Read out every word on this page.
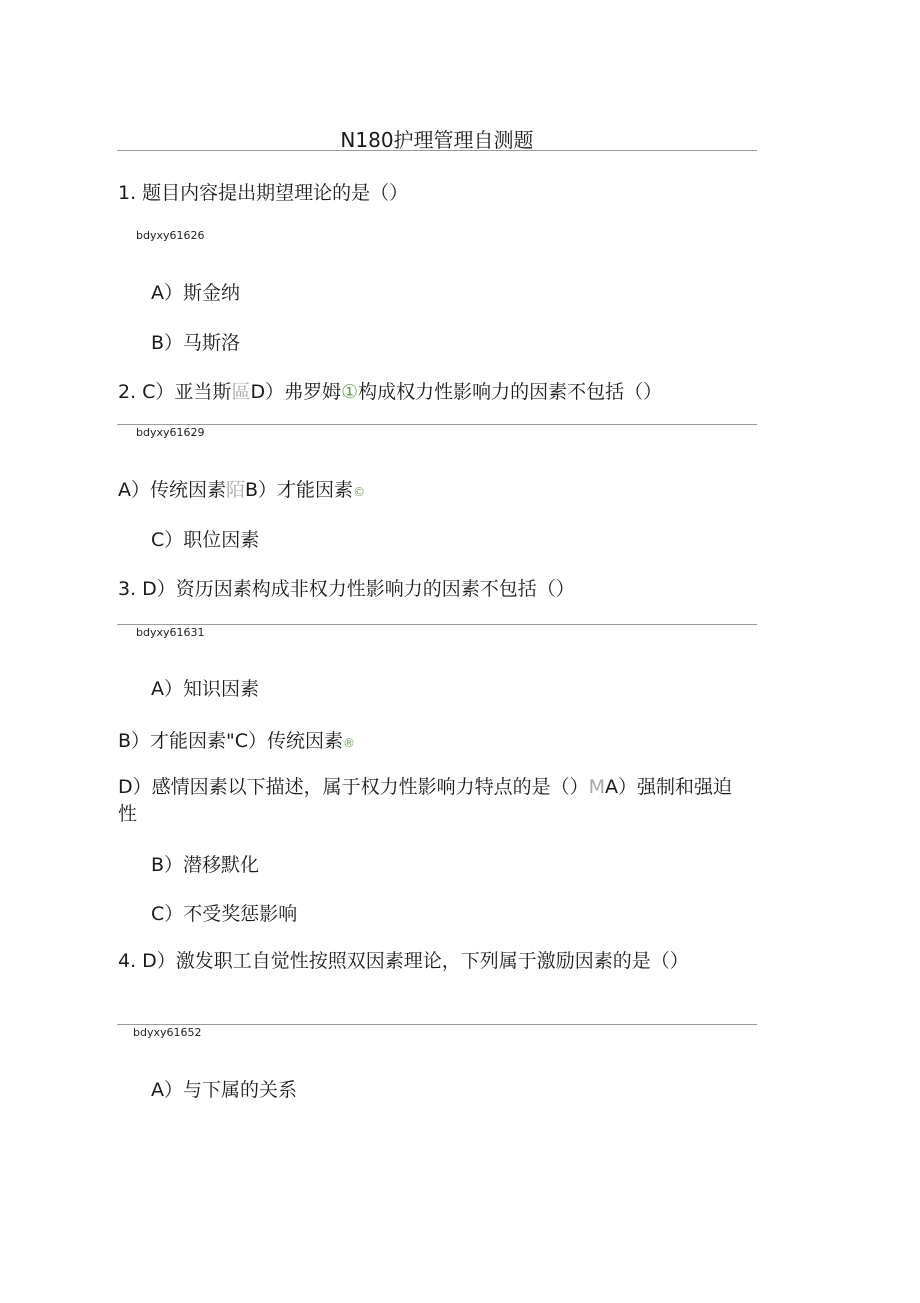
N180护理管理自测题
1. 题目内容提出期望理论的是（）
bdyxy61626
A）斯金纳
B）马斯洛
2. C）亚当斯區D）弗罗姆①构成权力性影响力的因素不包括（）
bdyxy61629
A）传统因素陌B）才能因素©
C）职位因素
3. D）资历因素构成非权力性影响力的因素不包括（）
bdyxy61631
A）知识因素
B）才能因素"C）传统因素®
D）感情因素以下描述，属于权力性影响力特点的是（）MA）强制和强迫性
B）潜移默化
C）不受奖惩影响
4. D）激发职工自觉性按照双因素理论，下列属于激励因素的是（）
bdyxy61652
A）与下属的关系
